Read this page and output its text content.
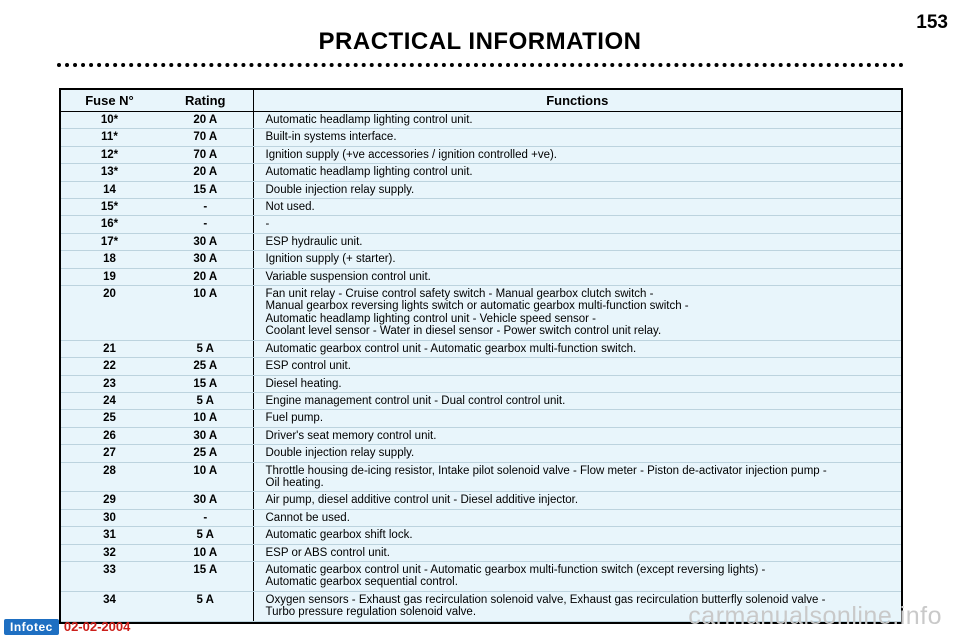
153
PRACTICAL INFORMATION
Fuse N°	Rating	Functions
10*	20 A	Automatic headlamp lighting control unit.
11*	70 A	Built-in systems interface.
12*	70 A	Ignition supply (+ve accessories / ignition controlled +ve).
13*	20 A	Automatic headlamp lighting control unit.
14	15 A	Double injection relay supply.
15*	-	Not used.
16*	-	-
17*	30 A	ESP hydraulic unit.
18	30 A	Ignition supply (+ starter).
19	20 A	Variable suspension control unit.
20	10 A	Fan unit relay - Cruise control safety switch - Manual gearbox clutch switch -
Manual gearbox reversing lights switch or automatic gearbox multi-function switch -
Automatic headlamp lighting control unit - Vehicle speed sensor -
Coolant level sensor - Water in diesel sensor - Power switch control unit relay.
21	5 A	Automatic gearbox control unit - Automatic gearbox multi-function switch.
22	25 A	ESP control unit.
23	15 A	Diesel heating.
24	5 A	Engine management control unit - Dual control control unit.
25	10 A	Fuel pump.
26	30 A	Driver's seat memory control unit.
27	25 A	Double injection relay supply.
28	10 A	Throttle housing de-icing resistor, Intake pilot solenoid valve - Flow meter - Piston de-activator injection pump -
Oil heating.
29	30 A	Air pump, diesel additive control unit - Diesel additive injector.
30	-	Cannot be used.
31	5 A	Automatic gearbox shift lock.
32	10 A	ESP or ABS control unit.
33	15 A	Automatic gearbox control unit - Automatic gearbox multi-function switch (except reversing lights) -
Automatic gearbox sequential control.
34	5 A	Oxygen sensors - Exhaust gas recirculation solenoid valve, Exhaust gas recirculation butterfly solenoid valve -
Turbo pressure regulation solenoid valve.
Infotec 02-02-2004	carmanualsonline.info
